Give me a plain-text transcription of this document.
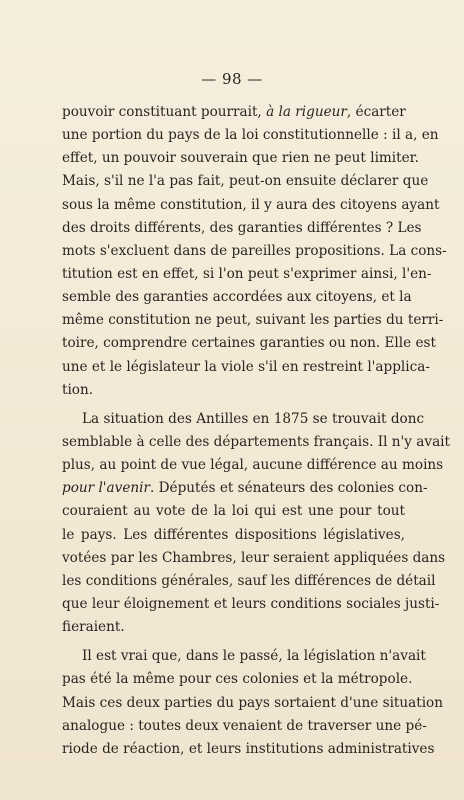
— 98 —
pouvoir constituant pourrait, à la rigueur, écarter
une portion du pays de la loi constitutionnelle : il a, en
effet, un pouvoir souverain que rien ne peut limiter.
Mais, s'il ne l'a pas fait, peut-on ensuite déclarer que
sous la même constitution, il y aura des citoyens ayant
des droits différents, des garanties différentes ? Les
mots s'excluent dans de pareilles propositions. La cons-
titution est en effet, si l'on peut s'exprimer ainsi, l'en-
semble des garanties accordées aux citoyens, et la
même constitution ne peut, suivant les parties du terri-
toire, comprendre certaines garanties ou non. Elle est
une et le législateur la viole s'il en restreint l'applica-
tion.
La situation des Antilles en 1875 se trouvait donc
semblable à celle des départements français. Il n'y avait
plus, au point de vue légal, aucune différence au moins
pour l'avenir. Députés et sénateurs des colonies con-
couraient au vote de la loi qui est une pour tout
le pays. Les différentes dispositions législatives,
votées par les Chambres, leur seraient appliquées dans
les conditions générales, sauf les différences de détail
que leur éloignement et leurs conditions sociales justi-
fieraient.
Il est vrai que, dans le passé, la législation n'avait
pas été la même pour ces colonies et la métropole.
Mais ces deux parties du pays sortaient d'une situation
analogue : toutes deux venaient de traverser une pé-
riode de réaction, et leurs institutions administratives
